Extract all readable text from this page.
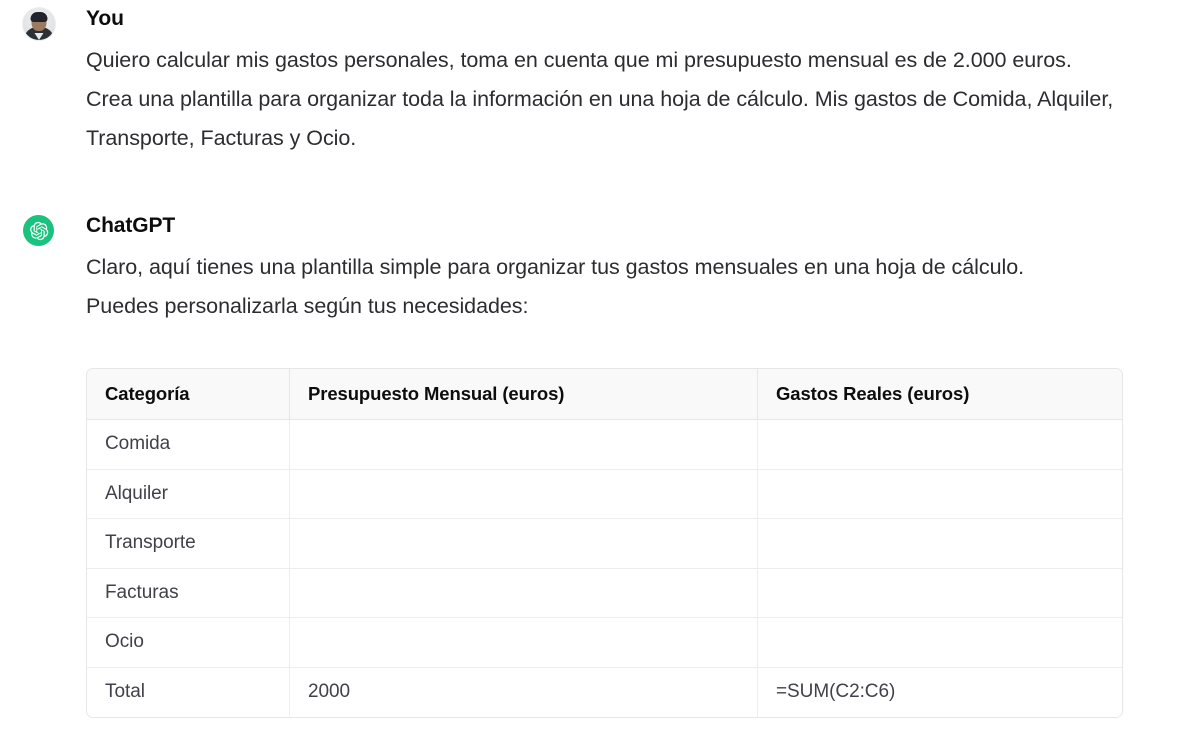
You

Quiero calcular mis gastos personales, toma en cuenta que mi presupuesto mensual es de 2.000 euros. Crea una plantilla para organizar toda la información en una hoja de cálculo. Mis gastos de Comida, Alquiler, Transporte, Facturas y Ocio.

ChatGPT

Claro, aquí tienes una plantilla simple para organizar tus gastos mensuales en una hoja de cálculo.

Puedes personalizarla según tus necesidades:

Categoría	Presupuesto Mensual (euros)	Gastos Reales (euros)
Comida		
Alquiler		
Transporte		
Facturas		
Ocio		
Total	2000	=SUM(C2:C6)
